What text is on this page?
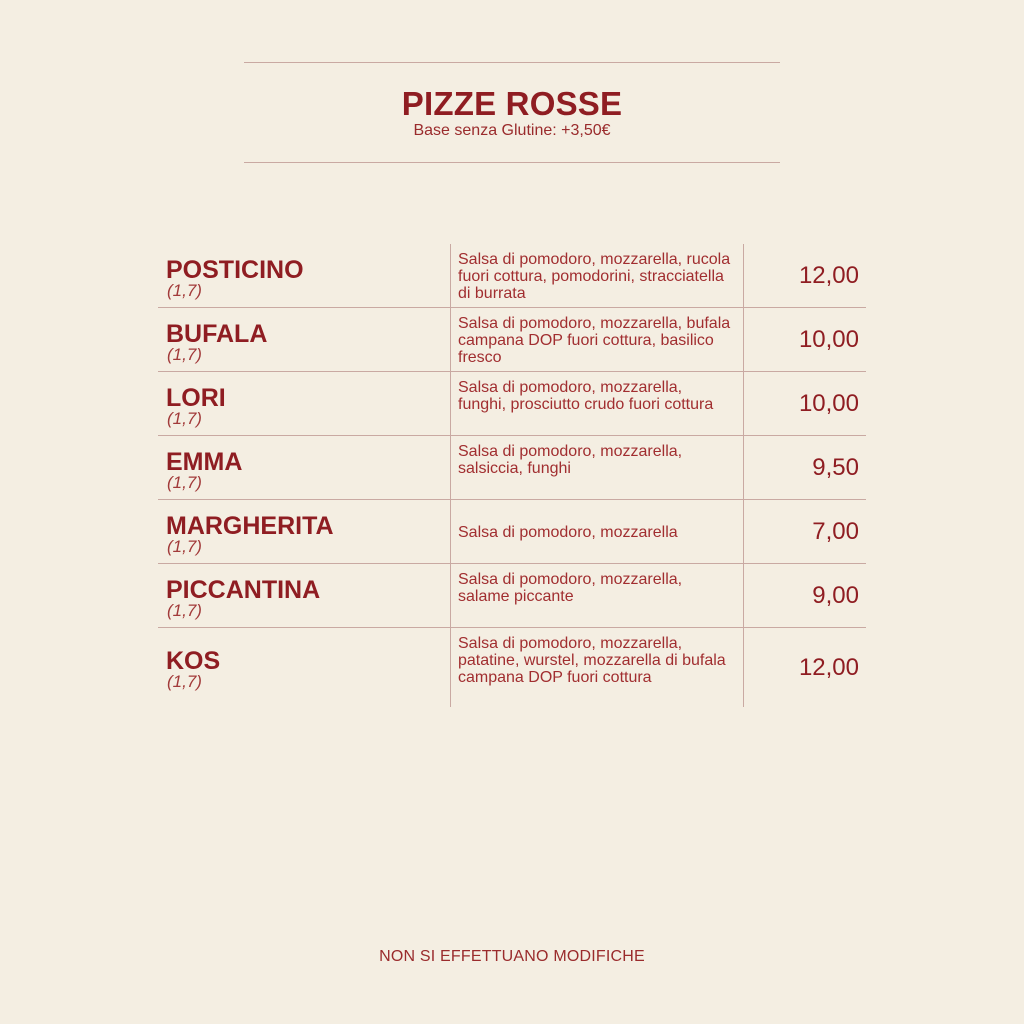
PIZZE ROSSE
Base senza Glutine: +3,50€
POSTICINO
(1,7)
Salsa di pomodoro, mozzarella, rucola fuori cottura, pomodorini, stracciatella di burrata
12,00
BUFALA
(1,7)
Salsa di pomodoro, mozzarella, bufala campana DOP fuori cottura, basilico fresco
10,00
LORI
(1,7)
Salsa di pomodoro, mozzarella, funghi, prosciutto crudo fuori cottura	10,00
EMMA
(1,7)
Salsa di pomodoro, mozzarella, salsiccia, funghi	9,50
MARGHERITA
(1,7)
Salsa di pomodoro, mozzarella	7,00
PICCANTINA
(1,7)
Salsa di pomodoro, mozzarella, salame piccante	9,00
KOS
(1,7)
Salsa di pomodoro, mozzarella, patatine, wurstel, mozzarella di bufala campana DOP fuori cottura	12,00
NON SI EFFETTUANO MODIFICHE
